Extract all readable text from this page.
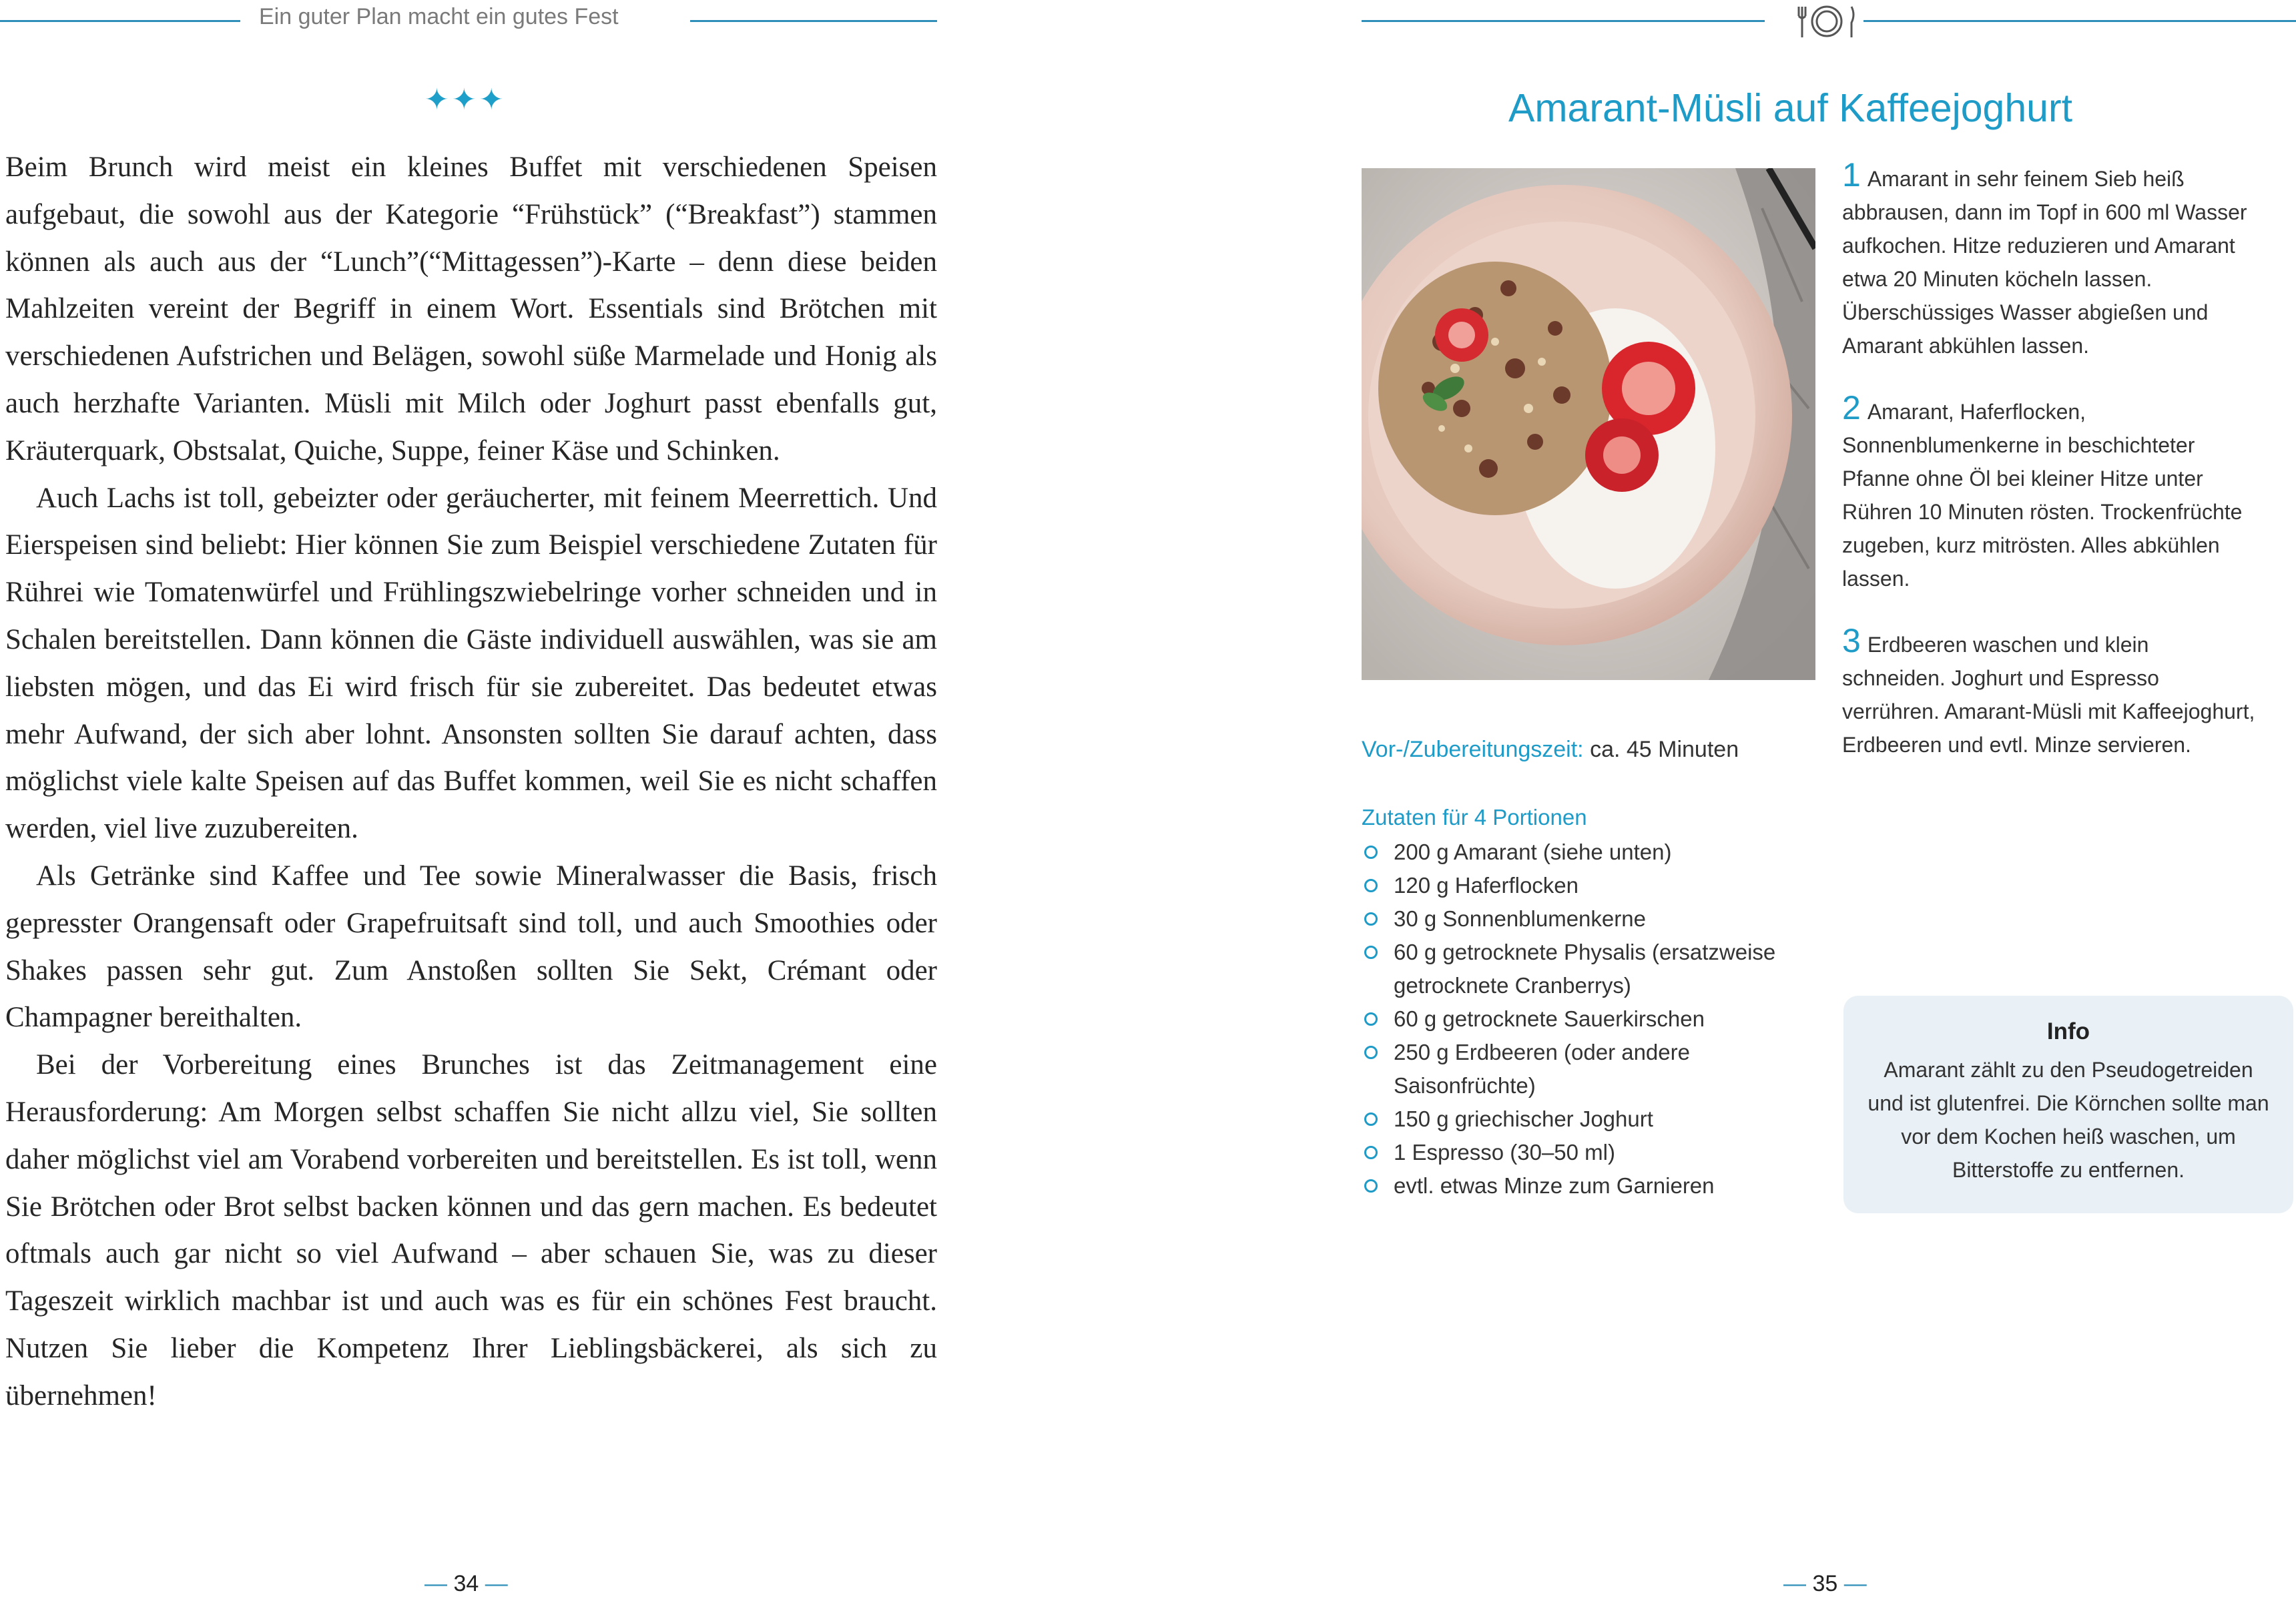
Ein guter Plan macht ein gutes Fest
✦✦✦

Beim Brunch wird meist ein kleines Buffet mit verschiedenen Speisen aufgebaut, die sowohl aus der Kategorie “Frühstück” (“Breakfast”) stammen können als auch aus der “Lunch”(“Mittagessen”)-Karte – denn diese beiden Mahlzeiten vereint der Begriff in einem Wort. Essentials sind Brötchen mit verschiedenen Aufstrichen und Belägen, sowohl süße Marmelade und Honig als auch herzhafte Varianten. Müsli mit Milch oder Joghurt passt ebenfalls gut, Kräuterquark, Obstsalat, Quiche, Suppe, feiner Käse und Schinken.

Auch Lachs ist toll, gebeizter oder geräucherter, mit feinem Meerrettich. Und Eierspeisen sind beliebt: Hier können Sie zum Beispiel verschiedene Zutaten für Rührei wie Tomatenwürfel und Frühlingszwiebelringe vorher schneiden und in Schalen bereitstellen. Dann können die Gäste individuell auswählen, was sie am liebsten mögen, und das Ei wird frisch für sie zubereitet. Das bedeutet etwas mehr Aufwand, der sich aber lohnt. Ansonsten sollten Sie darauf achten, dass möglichst viele kalte Speisen auf das Buffet kommen, weil Sie es nicht schaffen werden, viel live zuzubereiten.

Als Getränke sind Kaffee und Tee sowie Mineralwasser die Basis, frisch gepresster Orangensaft oder Grapefruitsaft sind toll, und auch Smoothies oder Shakes passen sehr gut. Zum Anstoßen sollten Sie Sekt, Crémant oder Champagner bereithalten.

Bei der Vorbereitung eines Brunches ist das Zeitmanagement eine Herausforderung: Am Morgen selbst schaffen Sie nicht allzu viel, Sie sollten daher möglichst viel am Vorabend vorbereiten und bereitstellen. Es ist toll, wenn Sie Brötchen oder Brot selbst backen können und das gern machen. Es bedeutet oftmals auch gar nicht so viel Aufwand – aber schauen Sie, was zu dieser Tageszeit wirklich machbar ist und auch was es für ein schönes Fest braucht. Nutzen Sie lieber die Kompetenz Ihrer Lieblingsbäckerei, als sich zu übernehmen!

— 34 —
Amarant-Müsli auf Kaffeejoghurt
Vor-/Zubereitungszeit: ca. 45 Minuten
Zutaten für 4 Portionen
200 g Amarant (siehe unten)
120 g Haferflocken
30 g Sonnenblumenkerne
60 g getrocknete Physalis (ersatzweise getrocknete Cranberrys)
60 g getrocknete Sauerkirschen
250 g Erdbeeren (oder andere Saisonfrüchte)
150 g griechischer Joghurt
1 Espresso (30–50 ml)
evtl. etwas Minze zum Garnieren

1 Amarant in sehr feinem Sieb heiß abbrausen, dann im Topf in 600 ml Wasser aufkochen. Hitze reduzieren und Amarant etwa 20 Minuten köcheln lassen. Überschüssiges Wasser abgießen und Amarant abkühlen lassen.

2 Amarant, Haferflocken, Sonnenblumenkerne in beschichteter Pfanne ohne Öl bei kleiner Hitze unter Rühren 10 Minuten rösten. Trockenfrüchte zugeben, kurz mitrösten. Alles abkühlen lassen.

3 Erdbeeren waschen und klein schneiden. Joghurt und Espresso verrühren. Amarant-Müsli mit Kaffeejoghurt, Erdbeeren und evtl. Minze servieren.

Info
Amarant zählt zu den Pseudogetreiden und ist glutenfrei. Die Körnchen sollte man vor dem Kochen heiß waschen, um Bitterstoffe zu entfernen.
— 35 —
